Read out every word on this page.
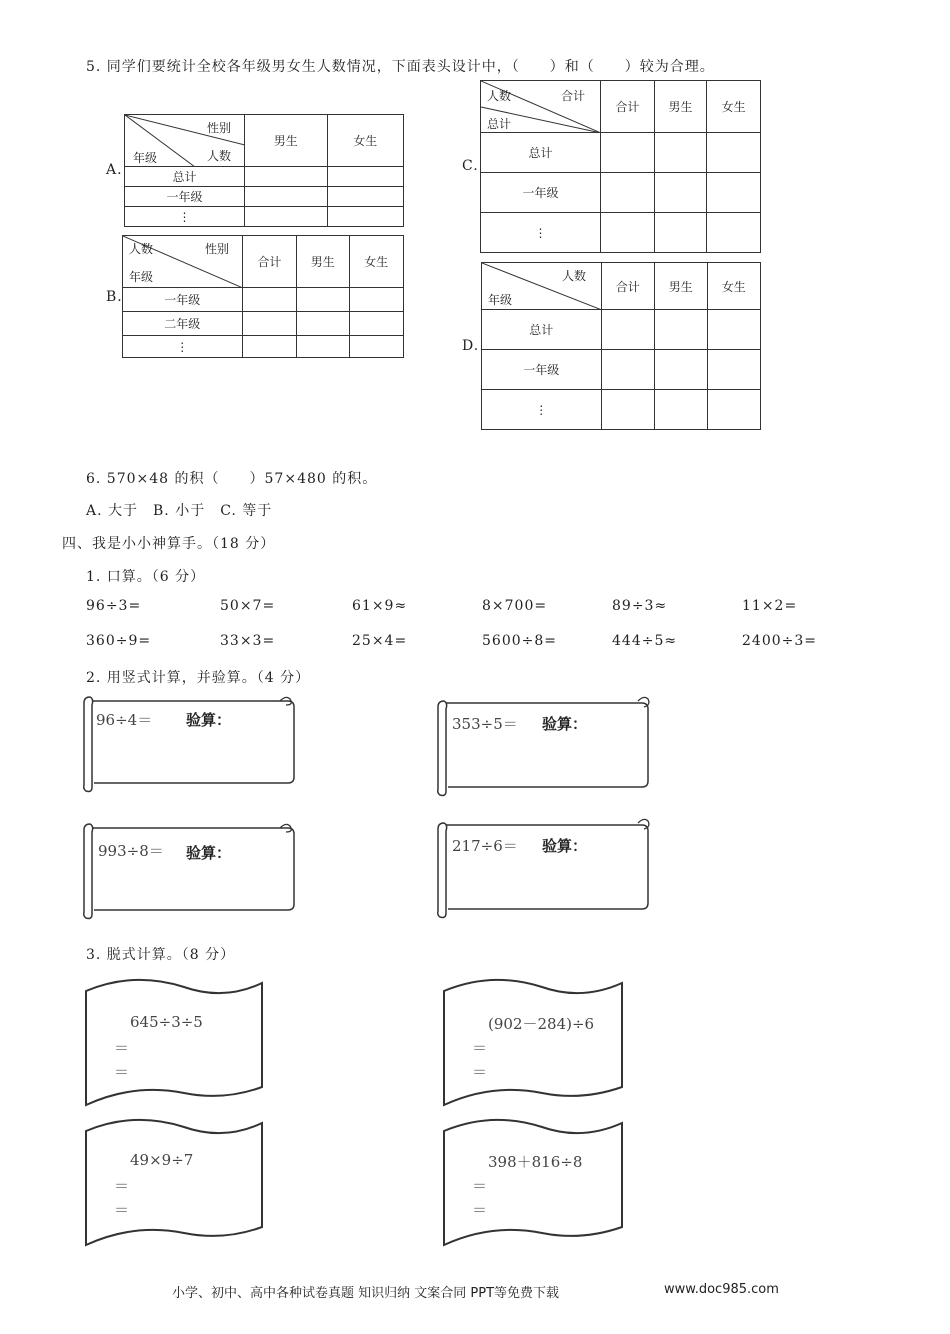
5. 同学们要统计全校各年级男女生人数情况，下面表头设计中，（　　）和（　　）较为合理。
A.
性别
人数
年级	男生	女生
总计		
一年级		
⋮		
B.
人数 性别
年级	合计	男生	女生
一年级			
二年级			
⋮			
C.
人数 合计
总计	合计	男生	女生
总计			
一年级			
⋮			
D.
人数
年级	合计	男生	女生
总计			
一年级			
⋮			
6. 570×48 的积（　　）57×480 的积。
A. 大于　B. 小于　C. 等于
四、我是小小神算手。（18 分）
1. 口算。（6 分）
96÷3=	50×7=	61×9≈	8×700=	89÷3≈	11×2=
360÷9=	33×3=	25×4=	5600÷8=	444÷5≈	2400÷3=
2. 用竖式计算，并验算。（4 分）
96÷4＝ 验算：	353÷5＝ 验算：
993÷8＝ 验算：	217÷6＝ 验算：
3. 脱式计算。（8 分）
645÷3÷5
＝
＝
(902－284)÷6
＝
＝
49×9÷7
＝
＝
398＋816÷8
＝
＝
小学、初中、高中各种试卷真题 知识归纳 文案合同 PPT等免费下载	www.doc985.com
